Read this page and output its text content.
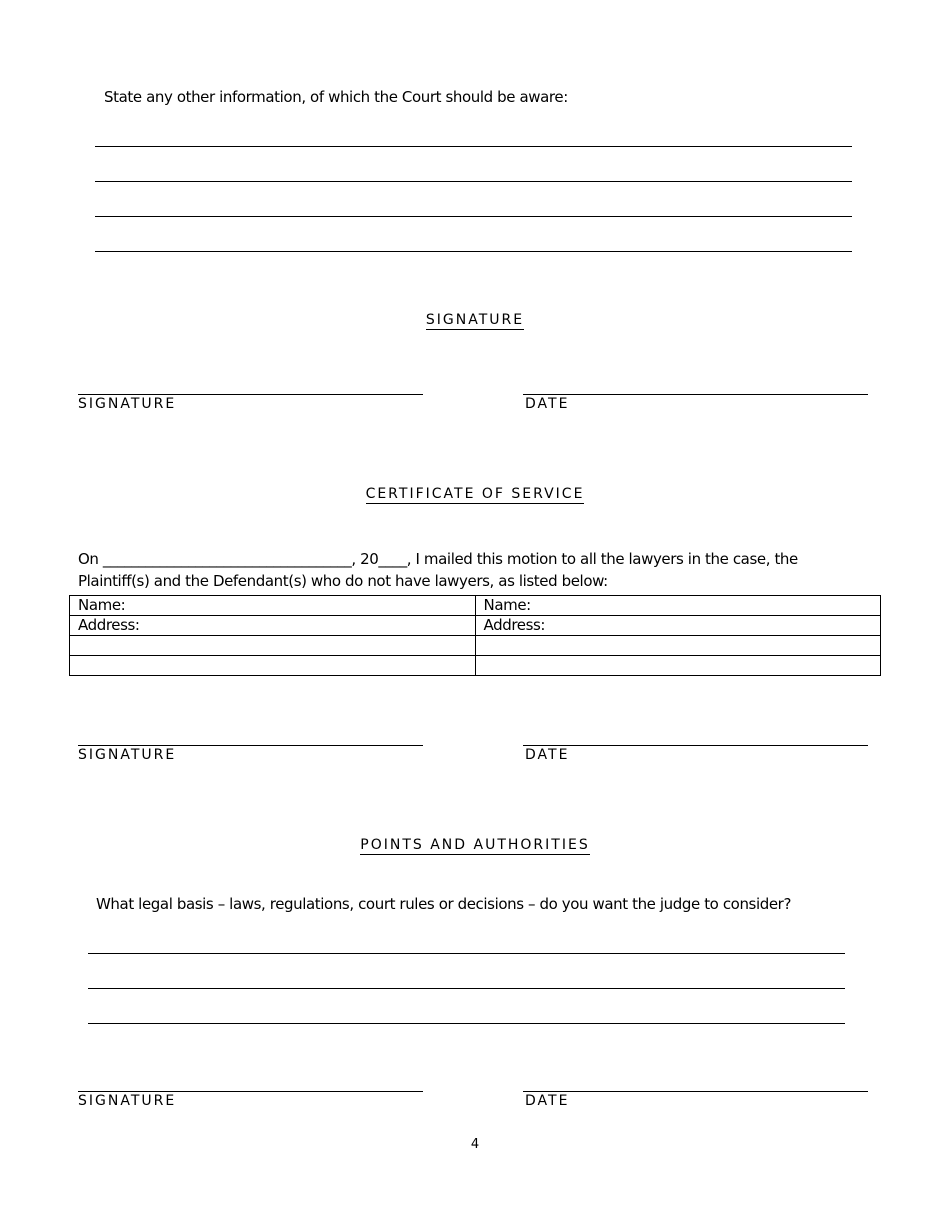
State any other information, of which the Court should be aware:
SIGNATURE
SIGNATURE	DATE
CERTIFICATE OF SERVICE
On ___________________________________, 20____, I mailed this motion to all the lawyers in the case, the
Plaintiff(s) and the Defendant(s) who do not have lawyers, as listed below:
Name:	Name:
Address:	Address:

SIGNATURE	DATE
POINTS AND AUTHORITIES
What legal basis – laws, regulations, court rules or decisions – do you want the judge to consider?
SIGNATURE	DATE
4
